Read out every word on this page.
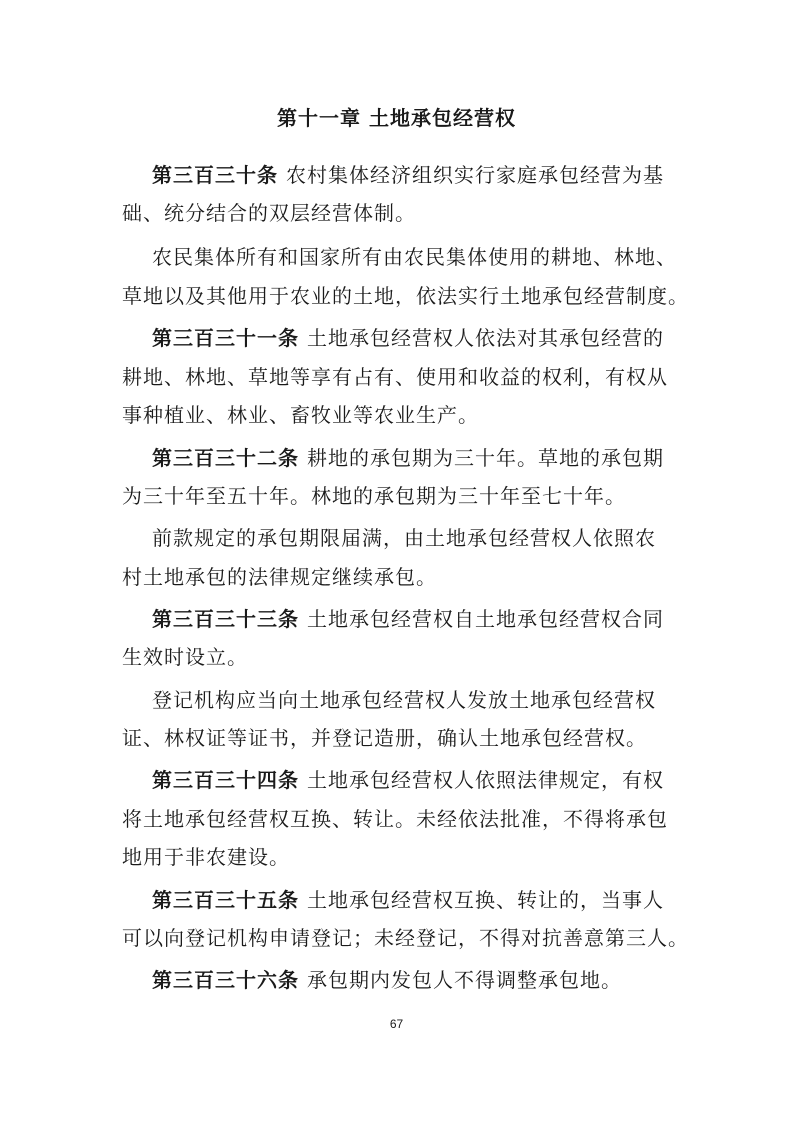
第十一章 土地承包经营权
第三百三十条 农村集体经济组织实行家庭承包经营为基
础、统分结合的双层经营体制。
农民集体所有和国家所有由农民集体使用的耕地、林地、
草地以及其他用于农业的土地，依法实行土地承包经营制度。
第三百三十一条 土地承包经营权人依法对其承包经营的
耕地、林地、草地等享有占有、使用和收益的权利，有权从
事种植业、林业、畜牧业等农业生产。
第三百三十二条 耕地的承包期为三十年。草地的承包期
为三十年至五十年。林地的承包期为三十年至七十年。
前款规定的承包期限届满，由土地承包经营权人依照农
村土地承包的法律规定继续承包。
第三百三十三条 土地承包经营权自土地承包经营权合同
生效时设立。
登记机构应当向土地承包经营权人发放土地承包经营权
证、林权证等证书，并登记造册，确认土地承包经营权。
第三百三十四条 土地承包经营权人依照法律规定，有权
将土地承包经营权互换、转让。未经依法批准，不得将承包
地用于非农建设。
第三百三十五条 土地承包经营权互换、转让的，当事人
可以向登记机构申请登记；未经登记，不得对抗善意第三人。
第三百三十六条 承包期内发包人不得调整承包地。
67
